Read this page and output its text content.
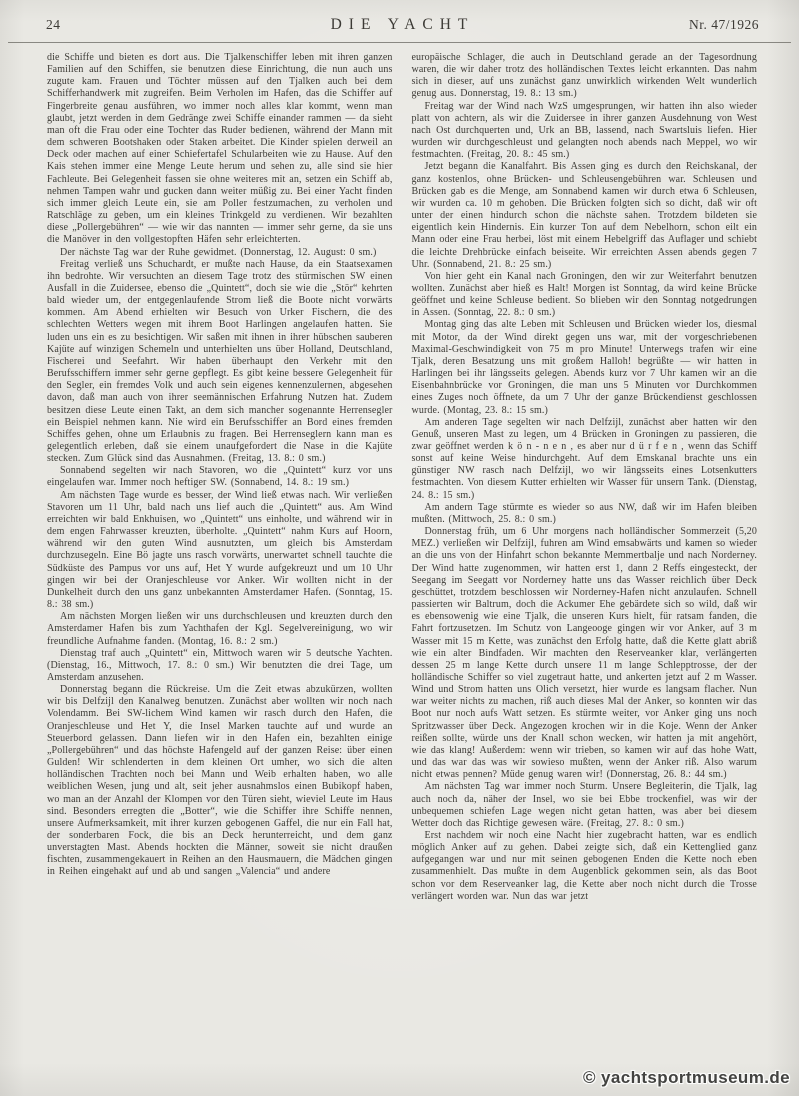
24	DIE YACHT	Nr. 47/1926

die Schiffe und bieten es dort aus. Die Tjalkenschiffer leben mit ihren ganzen Familien auf den Schiffen, sie benutzen diese Einrichtung, die nun auch uns zugute kam. Frauen und Töchter müssen auf den Tjalken auch bei dem Schifferhandwerk mit zugreifen. Beim Verholen im Hafen, das die Schiffer auf Fingerbreite genau ausführen, wo immer noch alles klar kommt, wenn man glaubt, jetzt werden in dem Gedränge zwei Schiffe einander rammen — da sieht man oft die Frau oder eine Tochter das Ruder bedienen, während der Mann mit dem schweren Bootshaken oder Staken arbeitet. Die Kinder spielen derweil an Deck oder machen auf einer Schiefertafel Schularbeiten wie zu Hause. Auf den Kais stehen immer eine Menge Leute herum und sehen zu, alle sind sie hier Fachleute. Bei Gelegenheit fassen sie ohne weiteres mit an, setzen ein Schiff ab, nehmen Tampen wahr und gucken dann weiter müßig zu. Bei einer Yacht finden sich immer gleich Leute ein, sie am Poller festzumachen, zu verholen und Ratschläge zu geben, um ein kleines Trinkgeld zu verdienen. Wir bezahlten diese „Pollergebühren“ — wie wir das nannten — immer sehr gerne, da sie uns die Manöver in den vollgestopften Häfen sehr erleichterten.

Der nächste Tag war der Ruhe gewidmet. (Donnerstag, 12. August: 0 sm.)

Freitag verließ uns Schuchardt, er mußte nach Hause, da ein Staatsexamen ihn bedrohte. Wir versuchten an diesem Tage trotz des stürmischen SW einen Ausfall in die Zuidersee, ebenso die „Quintett“, doch sie wie die „Stör“ kehrten bald wieder um, der entgegenlaufende Strom ließ die Boote nicht vorwärts kommen. Am Abend erhielten wir Besuch von Urker Fischern, die des schlechten Wetters wegen mit ihrem Boot Harlingen angelaufen hatten. Sie luden uns ein es zu besichtigen. Wir saßen mit ihnen in ihrer hübschen sauberen Kajüte auf winzigen Schemeln und unterhielten uns über Holland, Deutschland, Fischerei und Seefahrt. Wir haben überhaupt den Verkehr mit den Berufsschiffern immer sehr gerne gepflegt. Es gibt keine bessere Gelegenheit für den Segler, ein fremdes Volk und auch sein eigenes kennenzulernen, abgesehen davon, daß man auch von ihrer seemännischen Erfahrung Nutzen hat. Zudem besitzen diese Leute einen Takt, an dem sich mancher sogenannte Herrensegler ein Beispiel nehmen kann. Nie wird ein Berufsschiffer an Bord eines fremden Schiffes gehen, ohne um Erlaubnis zu fragen. Bei Herrenseglern kann man es gelegentlich erleben, daß sie einem unaufgefordert die Nase in die Kajüte stecken. Zum Glück sind das Ausnahmen. (Freitag, 13. 8.: 0 sm.)

Sonnabend segelten wir nach Stavoren, wo die „Quintett“ kurz vor uns eingelaufen war. Immer noch heftiger SW. (Sonnabend, 14. 8.: 19 sm.)

Am nächsten Tage wurde es besser, der Wind ließ etwas nach. Wir verließen Stavoren um 11 Uhr, bald nach uns lief auch die „Quintett“ aus. Am Wind erreichten wir bald Enkhuisen, wo „Quintett“ uns einholte, und während wir in dem engen Fahrwasser kreuzten, überholte. „Quintett“ nahm Kurs auf Hoorn, während wir den guten Wind ausnutzten, um gleich bis Amsterdam durchzusegeln. Eine Bö jagte uns rasch vorwärts, unerwartet schnell tauchte die Südküste des Pampus vor uns auf, Het Y wurde aufgekreuzt und um 10 Uhr gingen wir bei der Oranjeschleuse vor Anker. Wir wollten nicht in der Dunkelheit durch den uns ganz unbekannten Amsterdamer Hafen. (Sonntag, 15. 8.: 38 sm.)

Am nächsten Morgen ließen wir uns durchschleusen und kreuzten durch den Amsterdamer Hafen bis zum Yachthafen der Kgl. Segelvereinigung, wo wir freundliche Aufnahme fanden. (Montag, 16. 8.: 2 sm.)

Dienstag traf auch „Quintett“ ein, Mittwoch waren wir 5 deutsche Yachten. (Dienstag, 16., Mittwoch, 17. 8.: 0 sm.) Wir benutzten die drei Tage, um Amsterdam anzusehen.

Donnerstag begann die Rückreise. Um die Zeit etwas abzukürzen, wollten wir bis Delfzijl den Kanalweg benutzen. Zunächst aber wollten wir noch nach Volendamm. Bei SW-lichem Wind kamen wir rasch durch den Hafen, die Oranjeschleuse und Het Y, die Insel Marken tauchte auf und wurde an Steuerbord gelassen. Dann liefen wir in den Hafen ein, bezahlten einige „Pollergebühren“ und das höchste Hafengeld auf der ganzen Reise: über einen Gulden! Wir schlenderten in dem kleinen Ort umher, wo sich die alten holländischen Trachten noch bei Mann und Weib erhalten haben, wo alle weiblichen Wesen, jung und alt, seit jeher ausnahmslos einen Bubikopf haben, wo man an der Anzahl der Klompen vor den Türen sieht, wieviel Leute im Haus sind. Besonders erregten die „Botter“, wie die Schiffer ihre Schiffe nennen, unsere Aufmerksamkeit, mit ihrer kurzen gebogenen Gaffel, die nur ein Fall hat, der sonderbaren Fock, die bis an Deck herunterreicht, und dem ganz unverstagten Mast. Abends hockten die Männer, soweit sie nicht draußen fischten, zusammengekauert in Reihen an den Hausmauern, die Mädchen gingen in Reihen eingehakt auf und ab und sangen „Valencia“ und andere

europäische Schlager, die auch in Deutschland gerade an der Tagesordnung waren, die wir daher trotz des holländischen Textes leicht erkannten. Das nahm sich in dieser, auf uns zunächst ganz unwirklich wirkenden Welt wunderlich genug aus. Donnerstag, 19. 8.: 13 sm.)

Freitag war der Wind nach WzS umgesprungen, wir hatten ihn also wieder platt von achtern, als wir die Zuidersee in ihrer ganzen Ausdehnung von West nach Ost durchquerten und, Urk an BB, lassend, nach Swartsluis liefen. Hier wurden wir durchgeschleust und gelangten noch abends nach Meppel, wo wir festmachten. (Freitag, 20. 8.: 45 sm.)

Jetzt begann die Kanalfahrt. Bis Assen ging es durch den Reichskanal, der ganz kostenlos, ohne Brücken- und Schleusengebühren war. Schleusen und Brücken gab es die Menge, am Sonnabend kamen wir durch etwa 6 Schleusen, wir wurden ca. 10 m gehoben. Die Brücken folgten sich so dicht, daß wir oft unter der einen hindurch schon die nächste sahen. Trotzdem bildeten sie eigentlich kein Hindernis. Ein kurzer Ton auf dem Nebelhorn, schon eilt ein Mann oder eine Frau herbei, löst mit einem Hebelgriff das Auflager und schiebt die leichte Drehbrücke einfach beiseite. Wir erreichten Assen abends gegen 7 Uhr. (Sonnabend, 21. 8.: 25 sm.)

Von hier geht ein Kanal nach Groningen, den wir zur Weiterfahrt benutzen wollten. Zunächst aber hieß es Halt! Morgen ist Sonntag, da wird keine Brücke geöffnet und keine Schleuse bedient. So blieben wir den Sonntag notgedrungen in Assen. (Sonntag, 22. 8.: 0 sm.)

Montag ging das alte Leben mit Schleusen und Brücken wieder los, diesmal mit Motor, da der Wind direkt gegen uns war, mit der vorgeschriebenen Maximal-Geschwindigkeit von 75 m pro Minute! Unterwegs trafen wir eine Tjalk, deren Besatzung uns mit großem Halloh! begrüßte — wir hatten in Harlingen bei ihr längsseits gelegen. Abends kurz vor 7 Uhr kamen wir an die Eisenbahnbrücke vor Groningen, die man uns 5 Minuten vor Durchkommen eines Zuges noch öffnete, da um 7 Uhr der ganze Brückendienst geschlossen wurde. (Montag, 23. 8.: 15 sm.)

Am anderen Tage segelten wir nach Delfzijl, zunächst aber hatten wir den Genuß, unseren Mast zu legen, um 4 Brücken in Groningen zu passieren, die zwar geöffnet werden k ö n - n e n , es aber nur d ü r f e n , wenn das Schiff sonst auf keine Weise hindurchgeht. Auf dem Emskanal brachte uns ein günstiger NW rasch nach Delfzijl, wo wir längsseits eines Lotsenkutters festmachten. Von diesem Kutter erhielten wir Wasser für unsern Tank. (Dienstag, 24. 8.: 15 sm.)

Am andern Tage stürmte es wieder so aus NW, daß wir im Hafen bleiben mußten. (Mittwoch, 25. 8.: 0 sm.)

Donnerstag früh, um 6 Uhr morgens nach holländischer Sommerzeit (5,20 MEZ.) verließen wir Delfzijl, fuhren am Wind emsabwärts und kamen so wieder an die uns von der Hinfahrt schon bekannte Memmertbalje und nach Norderney. Der Wind hatte zugenommen, wir hatten erst 1, dann 2 Reffs eingesteckt, der Seegang im Seegatt vor Norderney hatte uns das Wasser reichlich über Deck geschüttet, trotzdem beschlossen wir Norderney-Hafen nicht anzulaufen. Schnell passierten wir Baltrum, doch die Ackumer Ehe gebärdete sich so wild, daß wir es ebensowenig wie eine Tjalk, die unseren Kurs hielt, für ratsam fanden, die Fahrt fortzusetzen. Im Schutz von Langeooge gingen wir vor Anker, auf 3 m Wasser mit 15 m Kette, was zunächst den Erfolg hatte, daß die Kette glatt abriß wie ein alter Bindfaden. Wir machten den Reserveanker klar, verlängerten dessen 25 m lange Kette durch unsere 11 m lange Schlepptrosse, der der holländische Schiffer so viel zugetraut hatte, und ankerten jetzt auf 2 m Wasser. Wind und Strom hatten uns Olich versetzt, hier wurde es langsam flacher. Nun war weiter nichts zu machen, riß auch dieses Mal der Anker, so konnten wir das Boot nur noch aufs Watt setzen. Es stürmte weiter, vor Anker ging uns noch Spritzwasser über Deck. Angezogen krochen wir in die Koje. Wenn der Anker reißen sollte, würde uns der Knall schon wecken, wir hatten ja mit angehört, wie das klang! Außerdem: wenn wir trieben, so kamen wir auf das hohe Watt, und das war das was wir sowieso mußten, wenn der Anker riß. Also warum nicht etwas pennen? Müde genug waren wir! (Donnerstag, 26. 8.: 44 sm.)

Am nächsten Tag war immer noch Sturm. Unsere Begleiterin, die Tjalk, lag auch noch da, näher der Insel, wo sie bei Ebbe trockenfiel, was wir der unbequemen schiefen Lage wegen nicht getan hatten, was aber bei diesem Wetter doch das Richtige gewesen wäre. (Freitag, 27. 8.: 0 sm.)

Erst nachdem wir noch eine Nacht hier zugebracht hatten, war es endlich möglich Anker auf zu gehen. Dabei zeigte sich, daß ein Kettenglied ganz aufgegangen war und nur mit seinen gebogenen Enden die Kette noch eben zusammenhielt. Das mußte in dem Augenblick gekommen sein, als das Boot schon vor dem Reserveanker lag, die Kette aber noch nicht durch die Trosse verlängert worden war. Nun das war jetzt

© yachtsportmuseum.de
